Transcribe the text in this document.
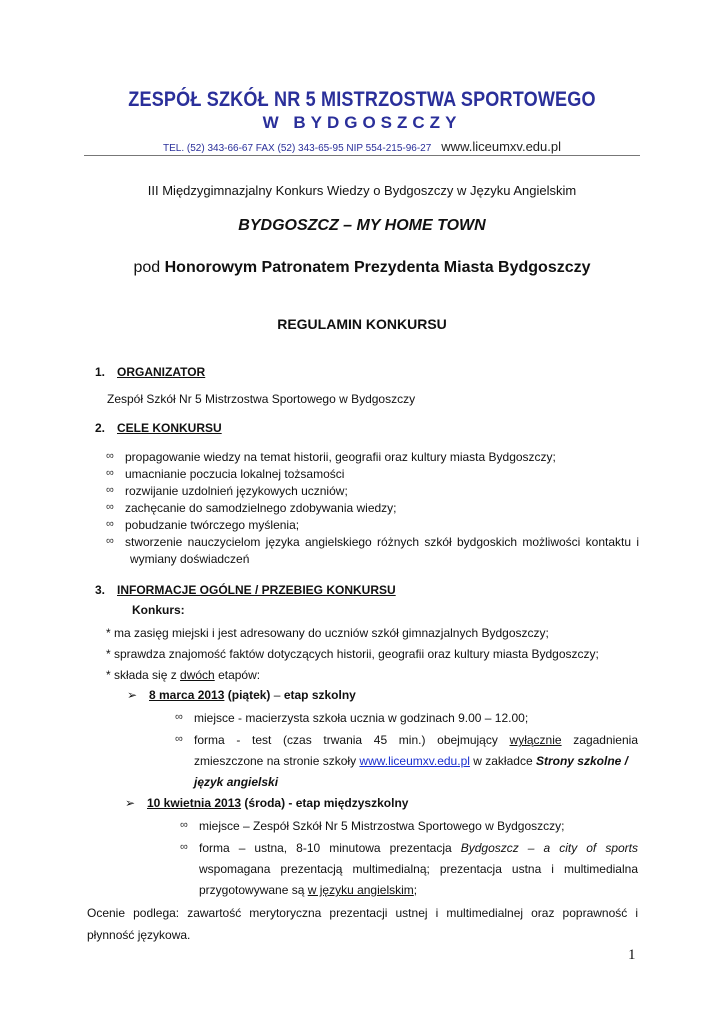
ZESPÓŁ SZKÓŁ NR 5 MISTRZOSTWA SPORTOWEGO
W BYDGOSZCZY
TEL. (52) 343-66-67 FAX (52) 343-65-95 NIP 554-215-96-27 www.liceumxv.edu.pl
III Międzygimnazjalny Konkurs Wiedzy o Bydgoszczy w Języku Angielskim
BYDGOSZCZ – MY HOME TOWN
pod Honorowym Patronatem Prezydenta Miasta Bydgoszczy
REGULAMIN KONKURSU
1. ORGANIZATOR
Zespół Szkół Nr 5 Mistrzostwa Sportowego w Bydgoszczy
2. CELE KONKURSU
∞ propagowanie wiedzy na temat historii, geografii oraz kultury miasta Bydgoszczy;
∞ umacnianie poczucia lokalnej tożsamości
∞ rozwijanie uzdolnień językowych uczniów;
∞ zachęcanie do samodzielnego zdobywania wiedzy;
∞ pobudzanie twórczego myślenia;
∞ stworzenie nauczycielom języka angielskiego różnych szkół bydgoskich możliwości kontaktu i
wymiany doświadczeń
3. INFORMACJE OGÓLNE / PRZEBIEG KONKURSU
Konkurs:
* ma zasięg miejski i jest adresowany do uczniów szkół gimnazjalnych Bydgoszczy;
* sprawdza znajomość faktów dotyczących historii, geografii oraz kultury miasta Bydgoszczy;
* składa się z dwóch etapów:
➢ 8 marca 2013 (piątek) – etap szkolny
∞ miejsce - macierzysta szkoła ucznia w godzinach 9.00 – 12.00;
∞ forma - test (czas trwania 45 min.) obejmujący wyłącznie zagadnienia
zmieszczone na stronie szkoły www.liceumxv.edu.pl w zakładce Strony szkolne /
język angielski
➢ 10 kwietnia 2013 (środa) - etap międzyszkolny
∞ miejsce – Zespół Szkół Nr 5 Mistrzostwa Sportowego w Bydgoszczy;
∞ forma – ustna, 8-10 minutowa prezentacja Bydgoszcz – a city of sports
wspomagana prezentacją multimedialną; prezentacja ustna i multimedialna
przygotowywane są w języku angielskim;
Ocenie podlega: zawartość merytoryczna prezentacji ustnej i multimedialnej oraz poprawność i
płynność językowa.
1
